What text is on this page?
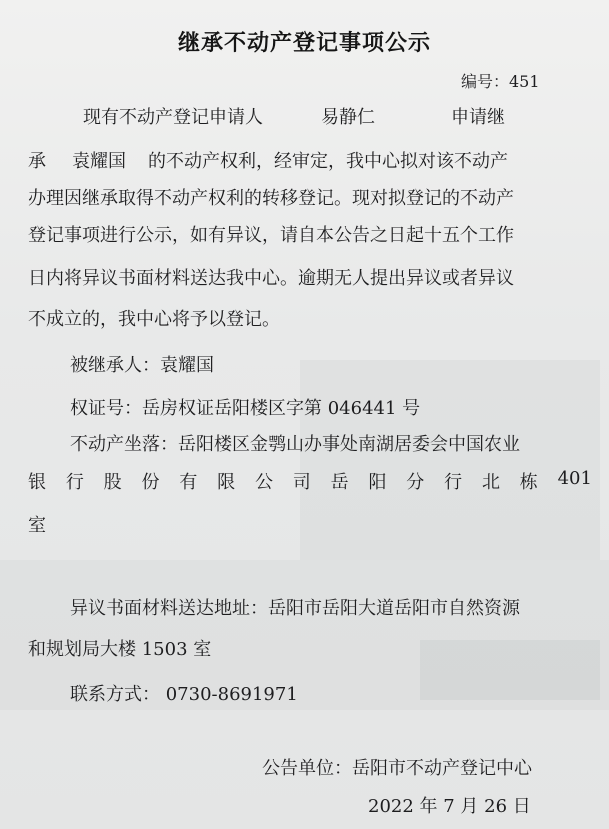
继承不动产登记事项公示
编号：451
现有不动产登记申请人	易静仁	申请继
承 袁耀国 的不动产权利，经审定，我中心拟对该不动产
办理因继承取得不动产权利的转移登记。现对拟登记的不动产
登记事项进行公示，如有异议，请自本公告之日起十五个工作
日内将异议书面材料送达我中心。逾期无人提出异议或者异议
不成立的，我中心将予以登记。
被继承人：袁耀国
权证号：岳房权证岳阳楼区字第 046441 号
不动产坐落：岳阳楼区金鹗山办事处南湖居委会中国农业
银 行 股 份 有 限 公 司 岳 阳 分 行 北 栋 401
室
异议书面材料送达地址：岳阳市岳阳大道岳阳市自然资源
和规划局大楼 1503 室
联系方式： 0730-8691971
公告单位：岳阳市不动产登记中心
2022 年 7 月 26 日
